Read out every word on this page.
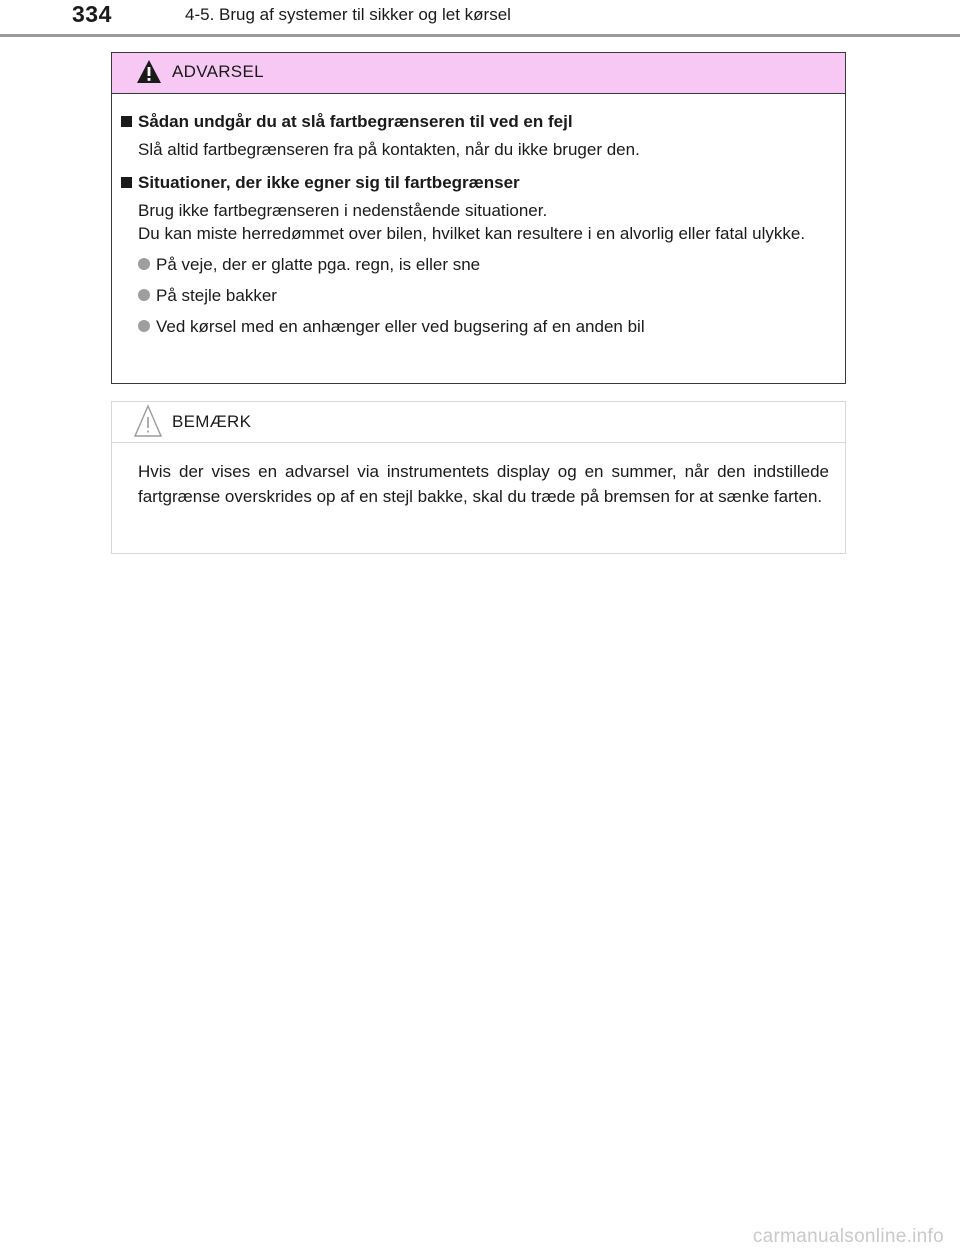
334	4-5. Brug af systemer til sikker og let kørsel
ADVARSEL
Sådan undgår du at slå fartbegrænseren til ved en fejl
Slå altid fartbegrænseren fra på kontakten, når du ikke bruger den.
Situationer, der ikke egner sig til fartbegrænser
Brug ikke fartbegrænseren i nedenstående situationer.
Du kan miste herredømmet over bilen, hvilket kan resultere i en alvorlig eller fatal ulykke.
På veje, der er glatte pga. regn, is eller sne
På stejle bakker
Ved kørsel med en anhænger eller ved bugsering af en anden bil
BEMÆRK
Hvis der vises en advarsel via instrumentets display og en summer, når den indstillede fartgrænse overskrides op af en stejl bakke, skal du træde på bremsen for at sænke farten.
carmanualsonline.info
